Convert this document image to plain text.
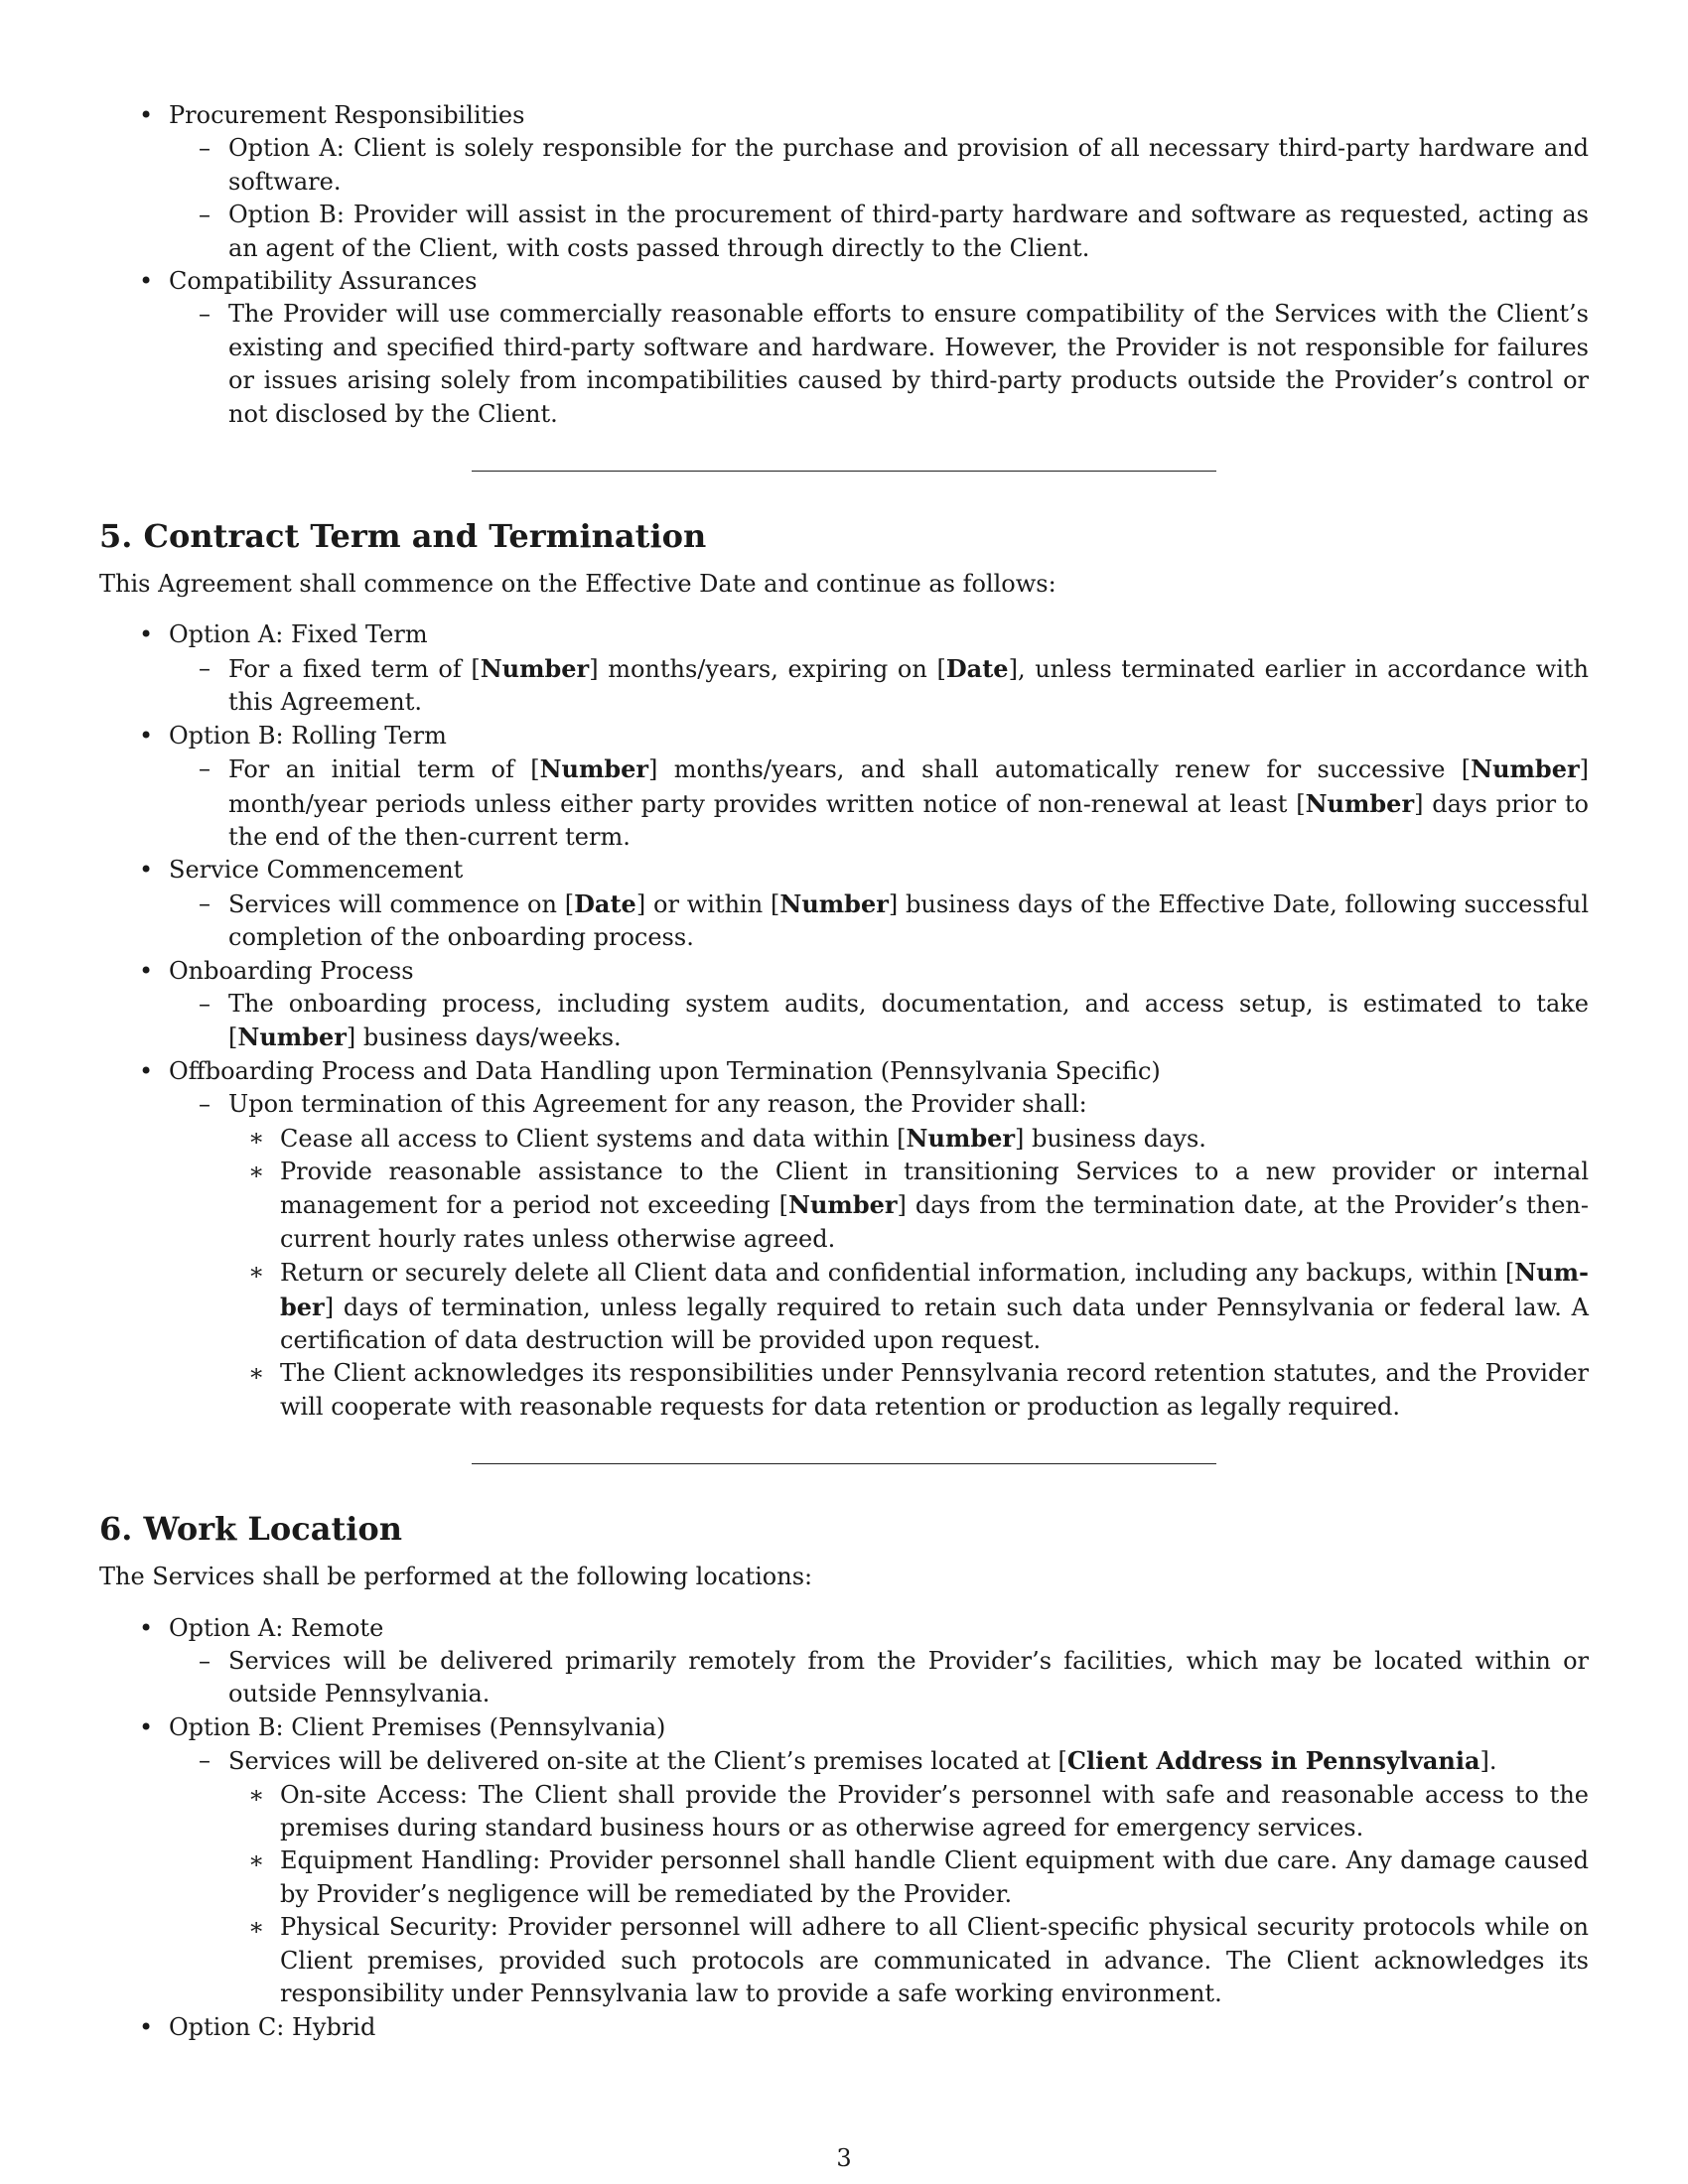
• Procurement Responsibilities
– Option A: Client is solely responsible for the purchase and provision of all necessary third-party hardware and software.
– Option B: Provider will assist in the procurement of third-party hardware and software as requested, acting as an agent of the Client, with costs passed through directly to the Client.
• Compatibility Assurances
– The Provider will use commercially reasonable efforts to ensure compatibility of the Services with the Client’s existing and specified third-party software and hardware. However, the Provider is not responsible for failures or issues arising solely from incompatibilities caused by third-party products outside the Provider’s control or not disclosed by the Client.
5. Contract Term and Termination
This Agreement shall commence on the Effective Date and continue as follows:
• Option A: Fixed Term
– For a fixed term of [Number] months/years, expiring on [Date], unless terminated earlier in accordance with this Agreement.
• Option B: Rolling Term
– For an initial term of [Number] months/years, and shall automatically renew for successive [Number] month/year periods unless either party provides written notice of non-renewal at least [Number] days prior to the end of the then-current term.
• Service Commencement
– Services will commence on [Date] or within [Number] business days of the Effective Date, following successful completion of the onboarding process.
• Onboarding Process
– The onboarding process, including system audits, documentation, and access setup, is estimated to take [Number] business days/weeks.
• Offboarding Process and Data Handling upon Termination (Pennsylvania Specific)
– Upon termination of this Agreement for any reason, the Provider shall:
∗ Cease all access to Client systems and data within [Number] business days.
∗ Provide reasonable assistance to the Client in transitioning Services to a new provider or internal management for a period not exceeding [Number] days from the termination date, at the Provider’s then-current hourly rates unless otherwise agreed.
∗ Return or securely delete all Client data and confidential information, including any backups, within [Number] days of termination, unless legally required to retain such data under Pennsylvania or federal law. A certification of data destruction will be provided upon request.
∗ The Client acknowledges its responsibilities under Pennsylvania record retention statutes, and the Provider will cooperate with reasonable requests for data retention or production as legally required.
6. Work Location
The Services shall be performed at the following locations:
• Option A: Remote
– Services will be delivered primarily remotely from the Provider’s facilities, which may be located within or outside Pennsylvania.
• Option B: Client Premises (Pennsylvania)
– Services will be delivered on-site at the Client’s premises located at [Client Address in Pennsylvania].
∗ On-site Access: The Client shall provide the Provider’s personnel with safe and reasonable access to the premises during standard business hours or as otherwise agreed for emergency services.
∗ Equipment Handling: Provider personnel shall handle Client equipment with due care. Any damage caused by Provider’s negligence will be remediated by the Provider.
∗ Physical Security: Provider personnel will adhere to all Client-specific physical security protocols while on Client premises, provided such protocols are communicated in advance. The Client acknowledges its responsibility under Pennsylvania law to provide a safe working environment.
• Option C: Hybrid
3
